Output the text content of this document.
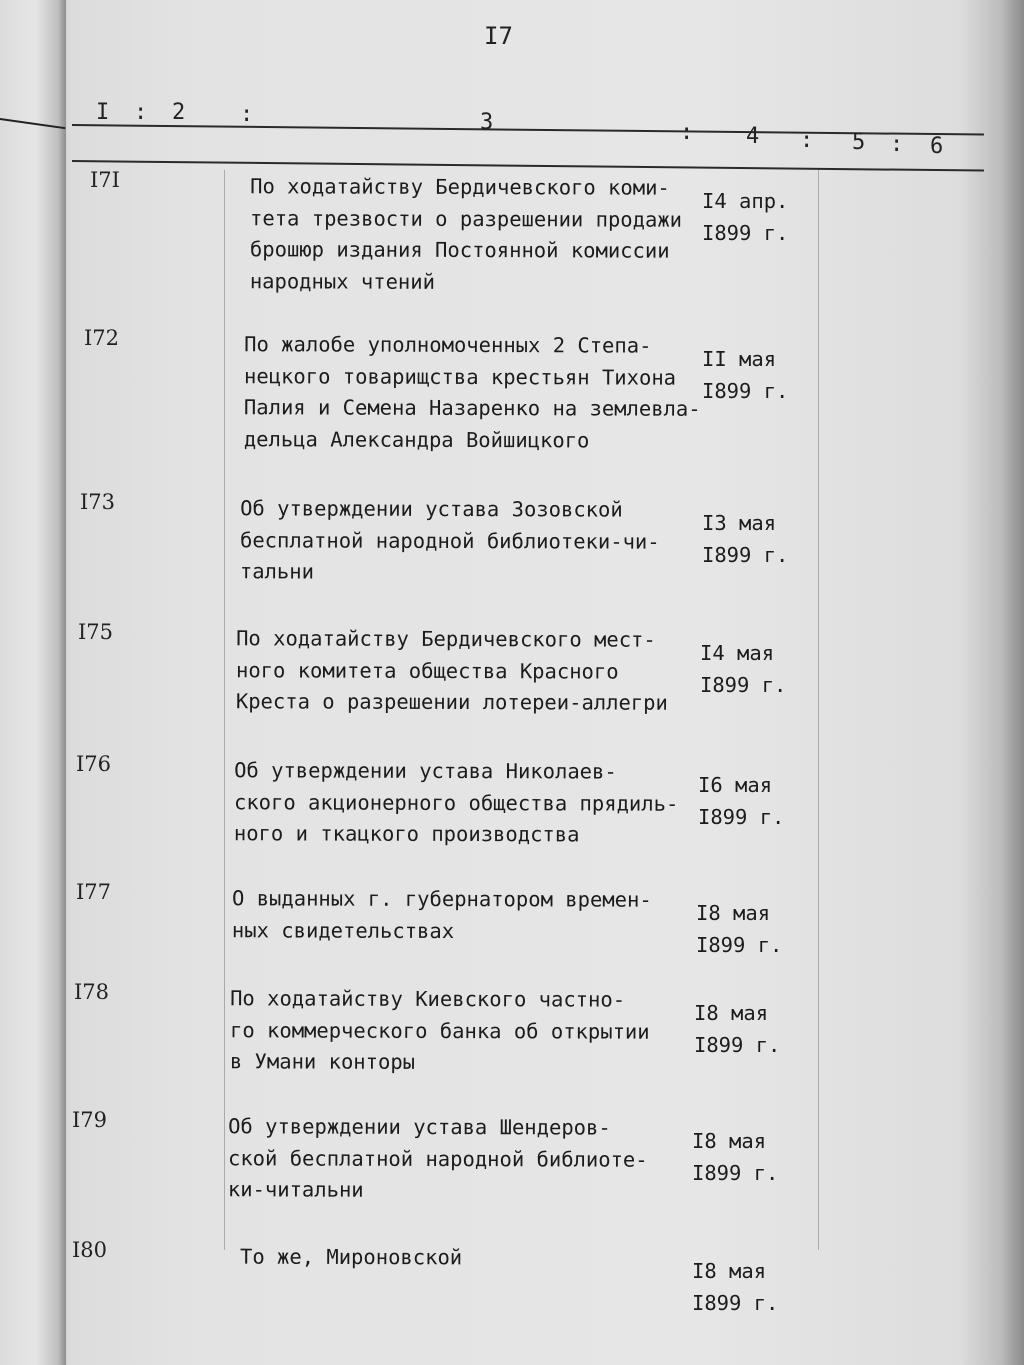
I7
I : 2 :	3	: 4 : 5 : 6
I7I	По ходатайству Бердичевского коми-
тета трезвости о разрешении продажи
брошюр издания Постоянной комиссии
народных чтений
I4 апр.
I899 г.
I72	По жалобе уполномоченных 2 Степа-
нецкого товарищства крестьян Тихона
Палия и Семена Назаренко на землевла-
дельца Александра Войшицкого
II мая
I899 г.
I73	Об утверждении устава Зозовской
бесплатной народной библиотеки-чи-
тальни
I3 мая
I899 г.
I75	По ходатайству Бердичевского мест-
ного комитета общества Красного
Креста о разрешении лотереи-аллегри
I4 мая
I899 г.
I76	Об утверждении устава Николаев-
ского акционерного общества прядиль-
ного и ткацкого производства
I6 мая
I899 г.
I77	О выданных г. губернатором времен-
ных свидетельствах
I8 мая
I899 г.
I78	По ходатайству Киевского частно-
го коммерческого банка об открытии
в Умани конторы
I8 мая
I899 г.
I79	Об утверждении устава Шендеров-
ской бесплатной народной библиоте-
ки-читальни
I8 мая
I899 г.
I80	То же, Мироновской
I8 мая
I899 г.
